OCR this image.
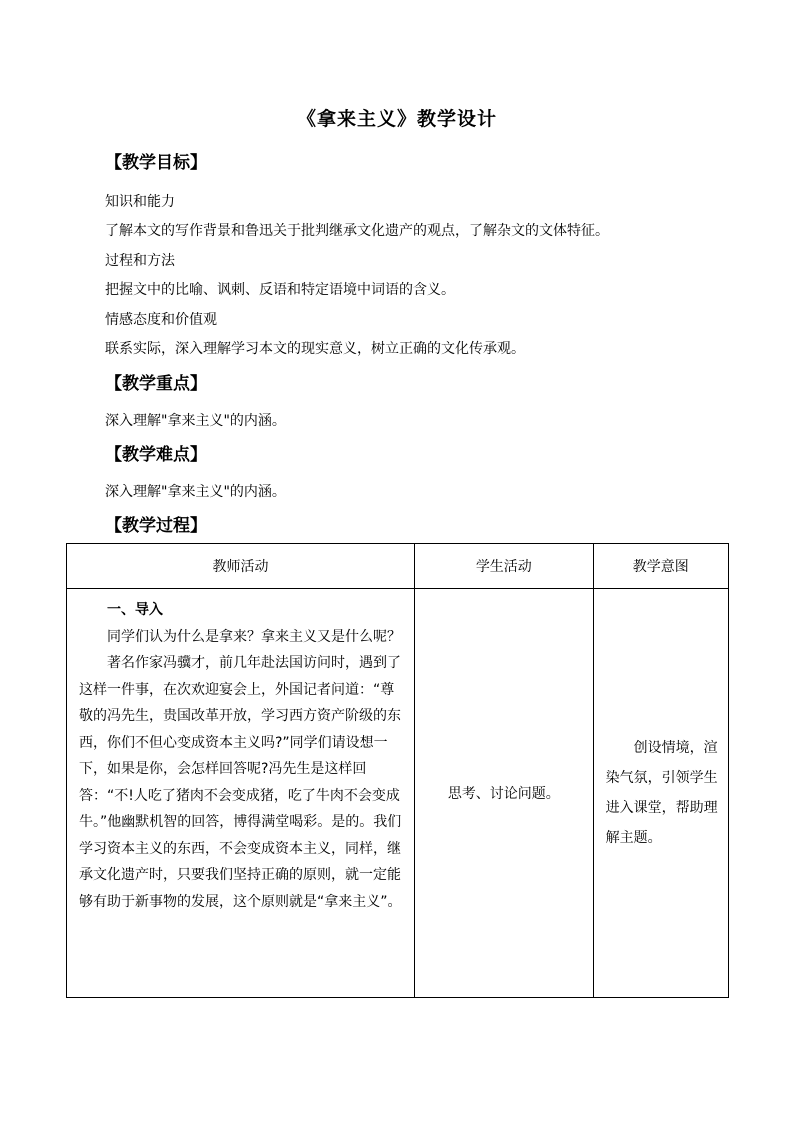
《拿来主义》教学设计
【教学目标】
知识和能力
了解本文的写作背景和鲁迅关于批判继承文化遗产的观点，了解杂文的文体特征。
过程和方法
把握文中的比喻、讽刺、反语和特定语境中词语的含义。
情感态度和价值观
联系实际，深入理解学习本文的现实意义，树立正确的文化传承观。
【教学重点】
深入理解"拿来主义"的内涵。
【教学难点】
深入理解"拿来主义"的内涵。
【教学过程】
教师活动	学生活动	教学意图

一、导入

同学们认为什么是拿来？拿来主义又是什么呢？

著名作家冯骥才，前几年赴法国访问时，遇到了这样一件事，在次欢迎宴会上，外国记者问道：“尊敬的冯先生，贵国改革开放，学习西方资产阶级的东西，你们不但心变成资本主义吗?”同学们请设想一下，如果是你，会怎样回答呢?冯先生是这样回答：“不!人吃了猪肉不会变成猪，吃了牛肉不会变成牛。”他幽默机智的回答，博得满堂喝彩。是的。我们学习资本主义的东西，不会变成资本主义，同样，继承文化遗产时，只要我们坚持正确的原则，就一定能够有助于新事物的发展，这个原则就是“拿来主义”。	思考、讨论问题。	创设情境，渲染气氛，引领学生进入课堂，帮助理解主题。
